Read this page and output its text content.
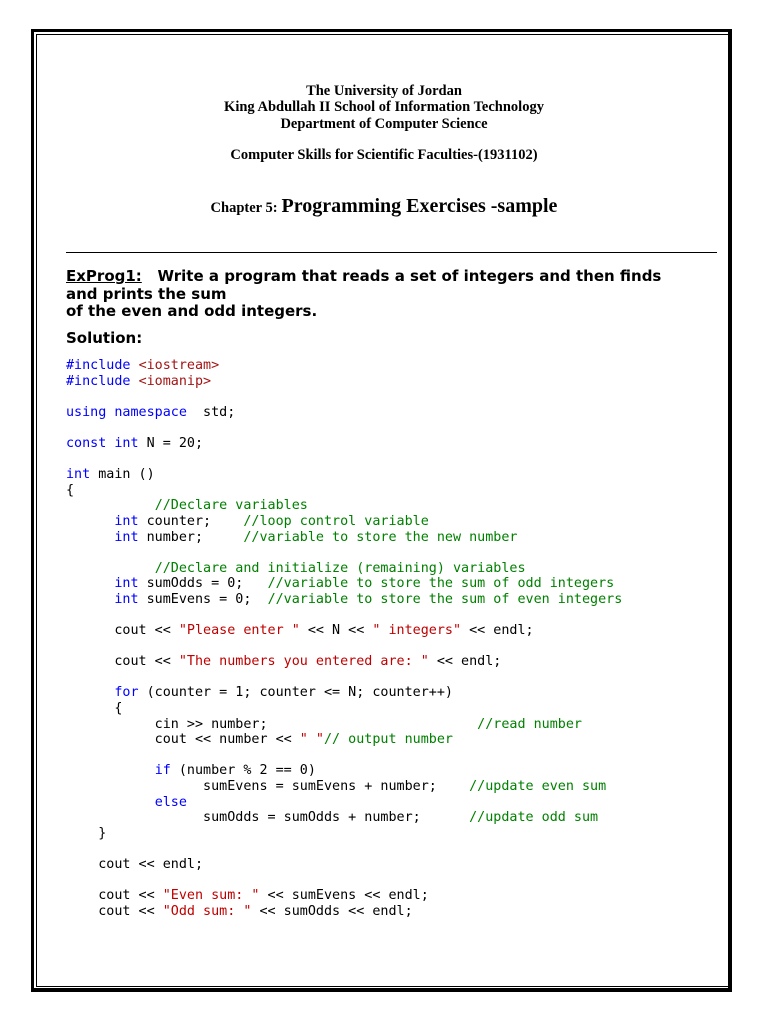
The University of Jordan
King Abdullah II School of Information Technology
Department of Computer Science
Computer Skills for Scientific Faculties-(1931102)
Chapter 5: Programming Exercises -sample
ExProg1: Write a program that reads a set of integers and then finds
and prints the sum
of the even and odd integers.
Solution:
#include <iostream>
#include <iomanip>
using namespace  std;
const int N = 20;
int main ()
{
//Declare variables
int counter;    //loop control variable
int number;     //variable to store the new number
//Declare and initialize (remaining) variables
int sumOdds = 0;   //variable to store the sum of odd integers
int sumEvens = 0;  //variable to store the sum of even integers
cout << "Please enter " << N << " integers" << endl;
cout << "The numbers you entered are: " << endl;
for (counter = 1; counter <= N; counter++)
{
cin >> number;                          //read number
cout << number << " "// output number
if (number % 2 == 0)
sumEvens = sumEvens + number;    //update even sum
else
sumOdds = sumOdds + number;      //update odd sum
}
cout << endl;
cout << "Even sum: " << sumEvens << endl;
cout << "Odd sum: " << sumOdds << endl;
